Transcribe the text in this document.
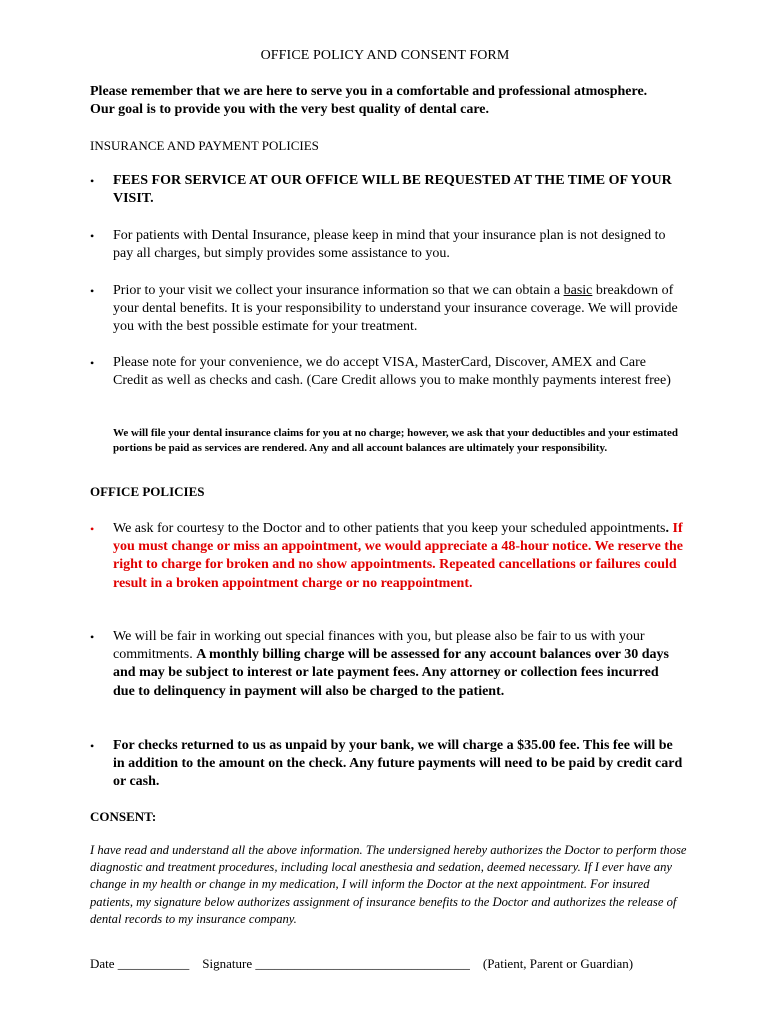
OFFICE POLICY AND CONSENT FORM
Please remember that we are here to serve you in a comfortable and professional atmosphere. Our goal is to provide you with the very best quality of dental care.
INSURANCE AND PAYMENT POLICIES
•	FEES FOR SERVICE AT OUR OFFICE WILL BE REQUESTED AT THE TIME OF YOUR VISIT.
•	For patients with Dental Insurance, please keep in mind that your insurance plan is not designed to pay all charges, but simply provides some assistance to you.
•	Prior to your visit we collect your insurance information so that we can obtain a basic breakdown of your dental benefits. It is your responsibility to understand your insurance coverage. We will provide you with the best possible estimate for your treatment.
•	Please note for your convenience, we do accept VISA, MasterCard, Discover, AMEX and Care Credit as well as checks and cash. (Care Credit allows you to make monthly payments interest free)
We will file your dental insurance claims for you at no charge; however, we ask that your deductibles and your estimated portions be paid as services are rendered. Any and all account balances are ultimately your responsibility.
OFFICE POLICIES
•	We ask for courtesy to the Doctor and to other patients that you keep your scheduled appointments. If you must change or miss an appointment, we would appreciate a 48-hour notice. We reserve the right to charge for broken and no show appointments. Repeated cancellations or failures could result in a broken appointment charge or no reappointment.
•	We will be fair in working out special finances with you, but please also be fair to us with your commitments. A monthly billing charge will be assessed for any account balances over 30 days and may be subject to interest or late payment fees. Any attorney or collection fees incurred due to delinquency in payment will also be charged to the patient.
•	For checks returned to us as unpaid by your bank, we will charge a $35.00 fee. This fee will be in addition to the amount on the check. Any future payments will need to be paid by credit card or cash.
CONSENT:
I have read and understand all the above information. The undersigned hereby authorizes the Doctor to perform those diagnostic and treatment procedures, including local anesthesia and sedation, deemed necessary. If I ever have any change in my health or change in my medication, I will inform the Doctor at the next appointment. For insured patients, my signature below authorizes assignment of insurance benefits to the Doctor and authorizes the release of dental records to my insurance company.
Date ___________ Signature _________________________________ (Patient, Parent or Guardian)
